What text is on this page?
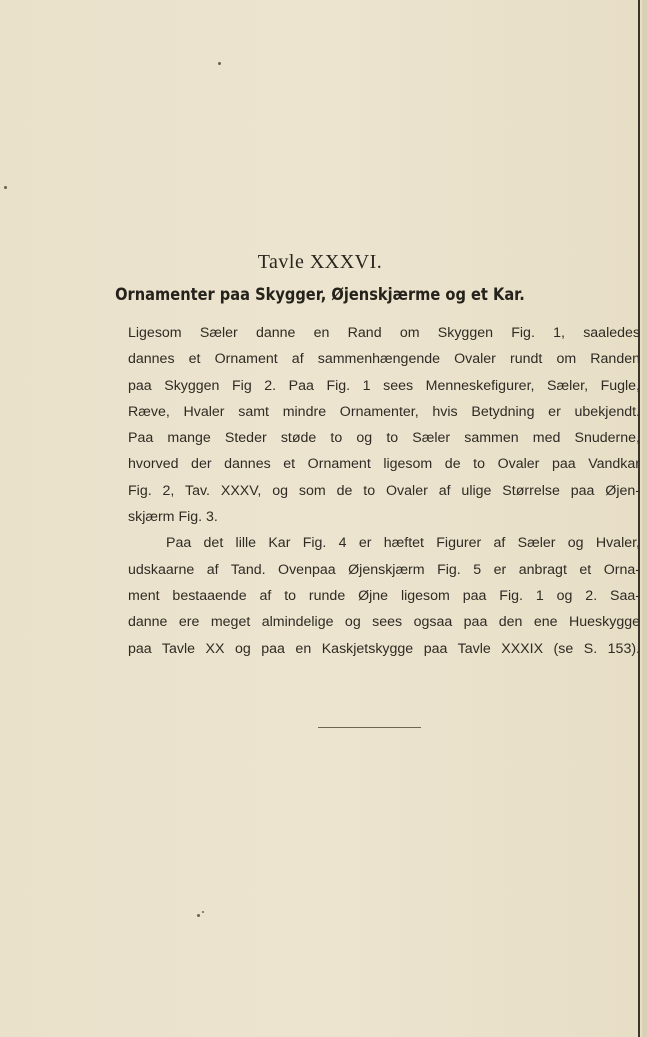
Tavle XXXVI.
Ornamenter paa Skygger, Øjenskjærme og et Kar.
Ligesom Sæler danne en Rand om Skyggen Fig. 1, saaledes
dannes et Ornament af sammenhængende Ovaler rundt om Randen
paa Skyggen Fig 2. Paa Fig. 1 sees Menneskefigurer, Sæler, Fugle,
Ræve, Hvaler samt mindre Ornamenter, hvis Betydning er ubekjendt.
Paa mange Steder støde to og to Sæler sammen med Snuderne,
hvorved der dannes et Ornament ligesom de to Ovaler paa Vandkar
Fig. 2, Tav. XXXV, og som de to Ovaler af ulige Størrelse paa Øjen-
skjærm Fig. 3.
Paa det lille Kar Fig. 4 er hæftet Figurer af Sæler og Hvaler,
udskaarne af Tand. Ovenpaa Øjenskjærm Fig. 5 er anbragt et Orna-
ment bestaaende af to runde Øjne ligesom paa Fig. 1 og 2. Saa-
danne ere meget almindelige og sees ogsaa paa den ene Hueskygge
paa Tavle XX og paa en Kaskjetskygge paa Tavle XXXIX (se S. 153).
